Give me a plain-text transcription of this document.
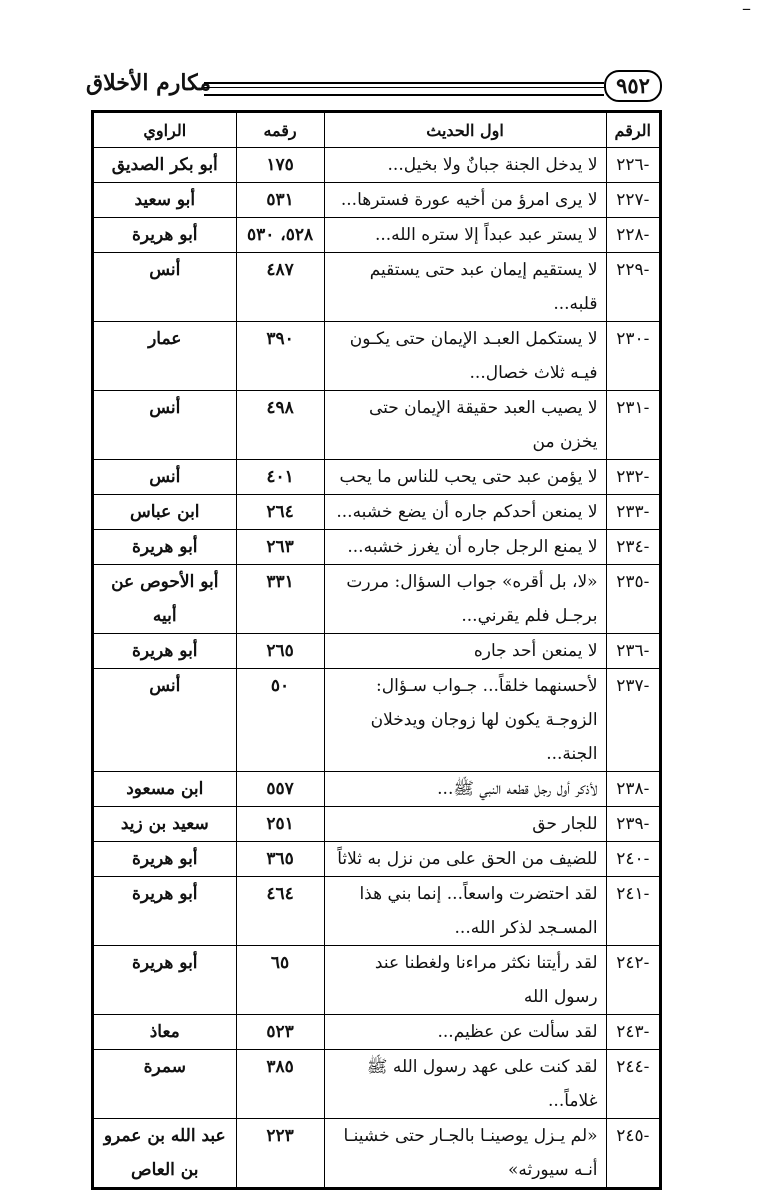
–
مكارم الأخلاق	٩٥٢
الرقم	اول الحديث	رقمه	الراوي
-٢٢٦	لا يدخل الجنة جبانٌ ولا بخيل...	١٧٥	أبو بكر الصديق
-٢٢٧	لا يرى امرؤ من أخيه عورة فسترها...	٥٣١	أبو سعيد
-٢٢٨	لا يستر عبد عبداً إلا ستره الله...	٥٢٨، ٥٣٠	أبو هريرة
-٢٢٩	لا يستقيم إيمان عبد حتى يستقيم قلبه...	٤٨٧	أنس
-٢٣٠	لا يستكمل العبـد الإيمان حتى يكـون فيـه ثلاث خصال...	٣٩٠	عمار
-٢٣١	لا يصيب العبد حقيقة الإيمان حتى يخزن من	٤٩٨	أنس
-٢٣٢	لا يؤمن عبد حتى يحب للناس ما يحب	٤٠١	أنس
-٢٣٣	لا يمنعن أحدكم جاره أن يضع خشبه...	٢٦٤	ابن عباس
-٢٣٤	لا يمنع الرجل جاره أن يغرز خشبه...	٢٦٣	أبو هريرة
-٢٣٥	«لا، بل أقره» جواب السؤال: مررت برجـل فلم يقرني...	٣٣١	أبو الأحوص عن أبيه
-٢٣٦	لا يمنعن أحد جاره	٢٦٥	أبو هريرة
-٢٣٧	لأحسنهما خلقاً... جـواب سـؤال: الزوجـة يكون لها زوجان ويدخلان الجنة...	٥٠	أنس
-٢٣٨	لأذكر أول رجل قطعه النبي ﷺ...	٥٥٧	ابن مسعود
-٢٣٩	للجار حق	٢٥١	سعيد بن زيد
-٢٤٠	للضيف من الحق على من نزل به ثلاثاً	٣٦٥	أبو هريرة
-٢٤١	لقد احتضرت واسعاً... إنما بني هذا المسـجد لذكر الله...	٤٦٤	أبو هريرة
-٢٤٢	لقد رأيتنا نكثر مراءنا ولغطنا عند رسول الله	٦٥	أبو هريرة
-٢٤٣	لقد سألت عن عظيم...	٥٢٣	معاذ
-٢٤٤	لقد كنت على عهد رسول الله ﷺ غلاماً...	٣٨٥	سمرة
-٢٤٥	«لم يـزل يوصينـا بالجـار حتى خشينـا أنـه سيورثه»	٢٢٣	عبد الله بن عمرو بن العاص
